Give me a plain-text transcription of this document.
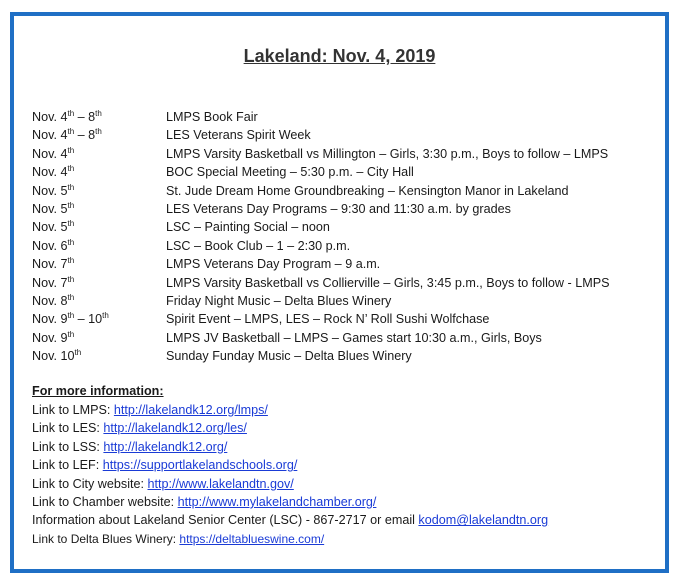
Lakeland: Nov. 4, 2019
Nov. 4th – 8th	LMPS Book Fair
Nov. 4th – 8th	LES Veterans Spirit Week
Nov. 4th	LMPS Varsity Basketball vs Millington – Girls, 3:30 p.m., Boys to follow – LMPS
Nov. 4th	BOC Special Meeting – 5:30 p.m. – City Hall
Nov. 5th	St. Jude Dream Home Groundbreaking – Kensington Manor in Lakeland
Nov. 5th	LES Veterans Day Programs – 9:30 and 11:30 a.m. by grades
Nov. 5th	LSC – Painting Social – noon
Nov. 6th	LSC – Book Club – 1 – 2:30 p.m.
Nov. 7th	LMPS Veterans Day Program – 9 a.m.
Nov. 7th	LMPS Varsity Basketball vs Collierville – Girls, 3:45 p.m., Boys to follow - LMPS
Nov. 8th	Friday Night Music – Delta Blues Winery
Nov. 9th – 10th	Spirit Event – LMPS, LES – Rock N’ Roll Sushi Wolfchase
Nov. 9th	LMPS JV Basketball – LMPS – Games start 10:30 a.m., Girls, Boys
Nov. 10th	Sunday Funday Music – Delta Blues Winery
For more information:
Link to LMPS: http://lakelandk12.org/lmps/
Link to LES: http://lakelandk12.org/les/
Link to LSS: http://lakelandk12.org/
Link to LEF: https://supportlakelandschools.org/
Link to City website: http://www.lakelandtn.gov/
Link to Chamber website: http://www.mylakelandchamber.org/
Information about Lakeland Senior Center (LSC) - 867-2717 or email kodom@lakelandtn.org
Link to Delta Blues Winery: https://deltablueswine.com/
